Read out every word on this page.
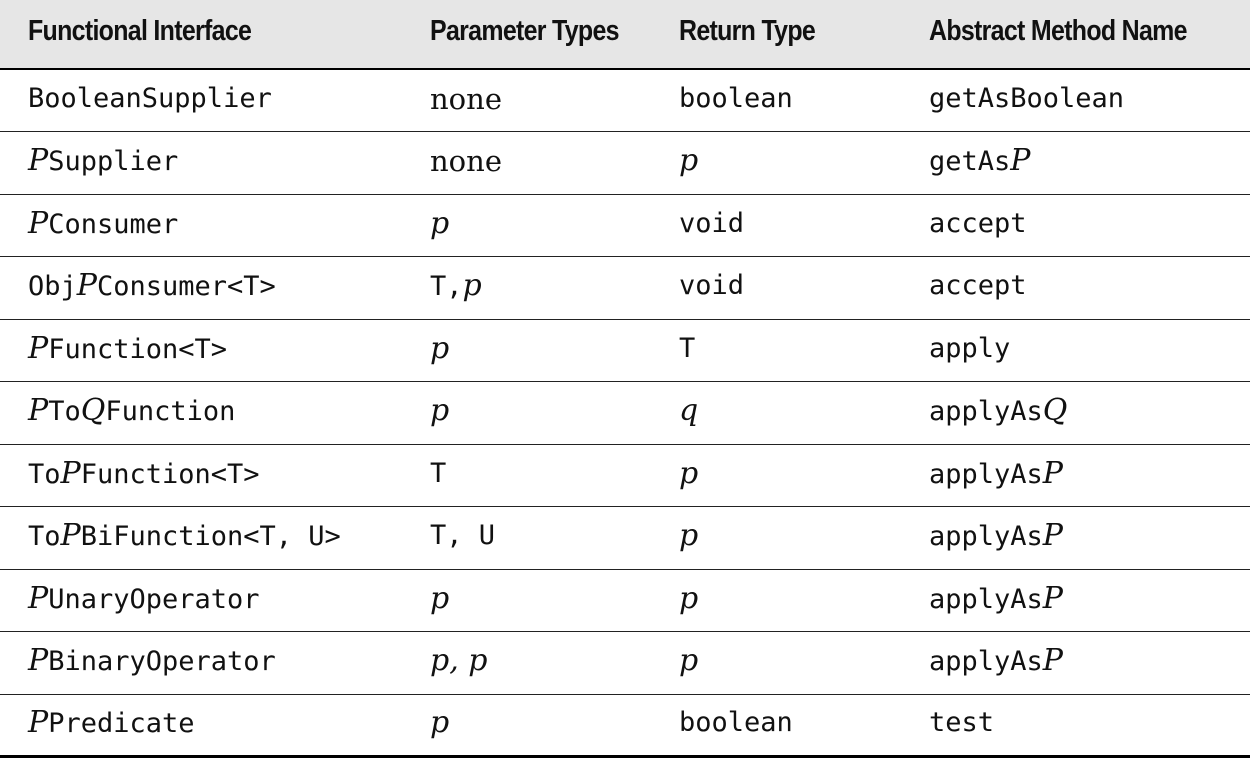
Functional Interface	Parameter Types	Return Type	Abstract Method Name
BooleanSupplier	none	boolean	getAsBoolean
PSupplier	none	p	getAsP
PConsumer	p	void	accept
ObjPConsumer<T>	T,p	void	accept
PFunction<T>	p	T	apply
PToQFunction	p	q	applyAsQ
ToPFunction<T>	T	p	applyAsP
ToPBiFunction<T, U>	T, U	p	applyAsP
PUnaryOperator	p	p	applyAsP
PBinaryOperator	p, p	p	applyAsP
PPredicate	p	boolean	test
